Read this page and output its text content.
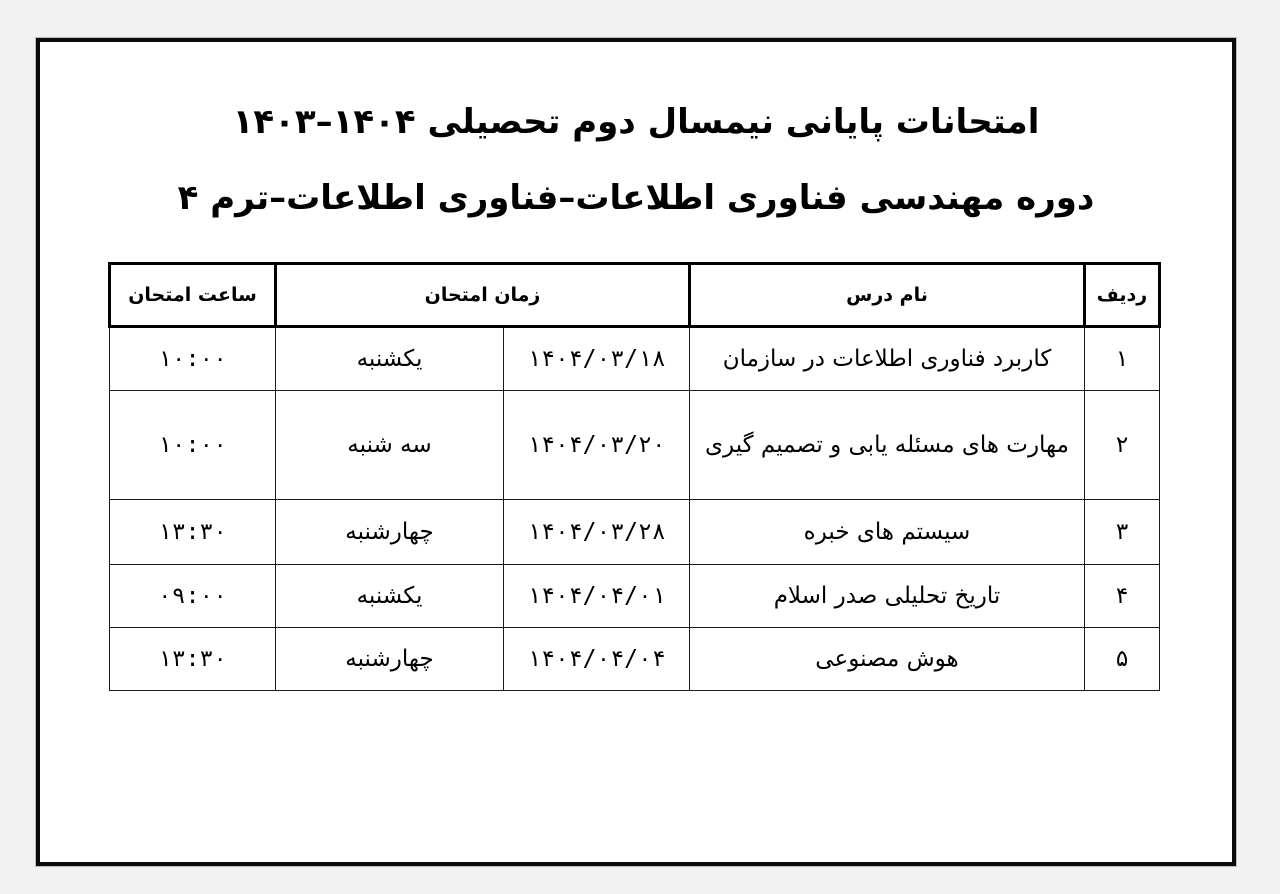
امتحانات پایانی نیمسال دوم تحصیلی ۱۴۰۴–۱۴۰۳
دوره مهندسی فناوری اطلاعات–فناوری اطلاعات–ترم ۴
ردیف	نام درس	زمان امتحان		ساعت امتحان
۱	کاربرد فناوری اطلاعات در سازمان	۱۴۰۴/۰۳/۱۸	یکشنبه	۱۰:۰۰
۲	مهارت های مسئله یابی و تصمیم گیری	۱۴۰۴/۰۳/۲۰	سه شنبه	۱۰:۰۰
۳	سیستم های خبره	۱۴۰۴/۰۳/۲۸	چهارشنبه	۱۳:۳۰
۴	تاریخ تحلیلی صدر اسلام	۱۴۰۴/۰۴/۰۱	یکشنبه	۰۹:۰۰
۵	هوش مصنوعی	۱۴۰۴/۰۴/۰۴	چهارشنبه	۱۳:۳۰
